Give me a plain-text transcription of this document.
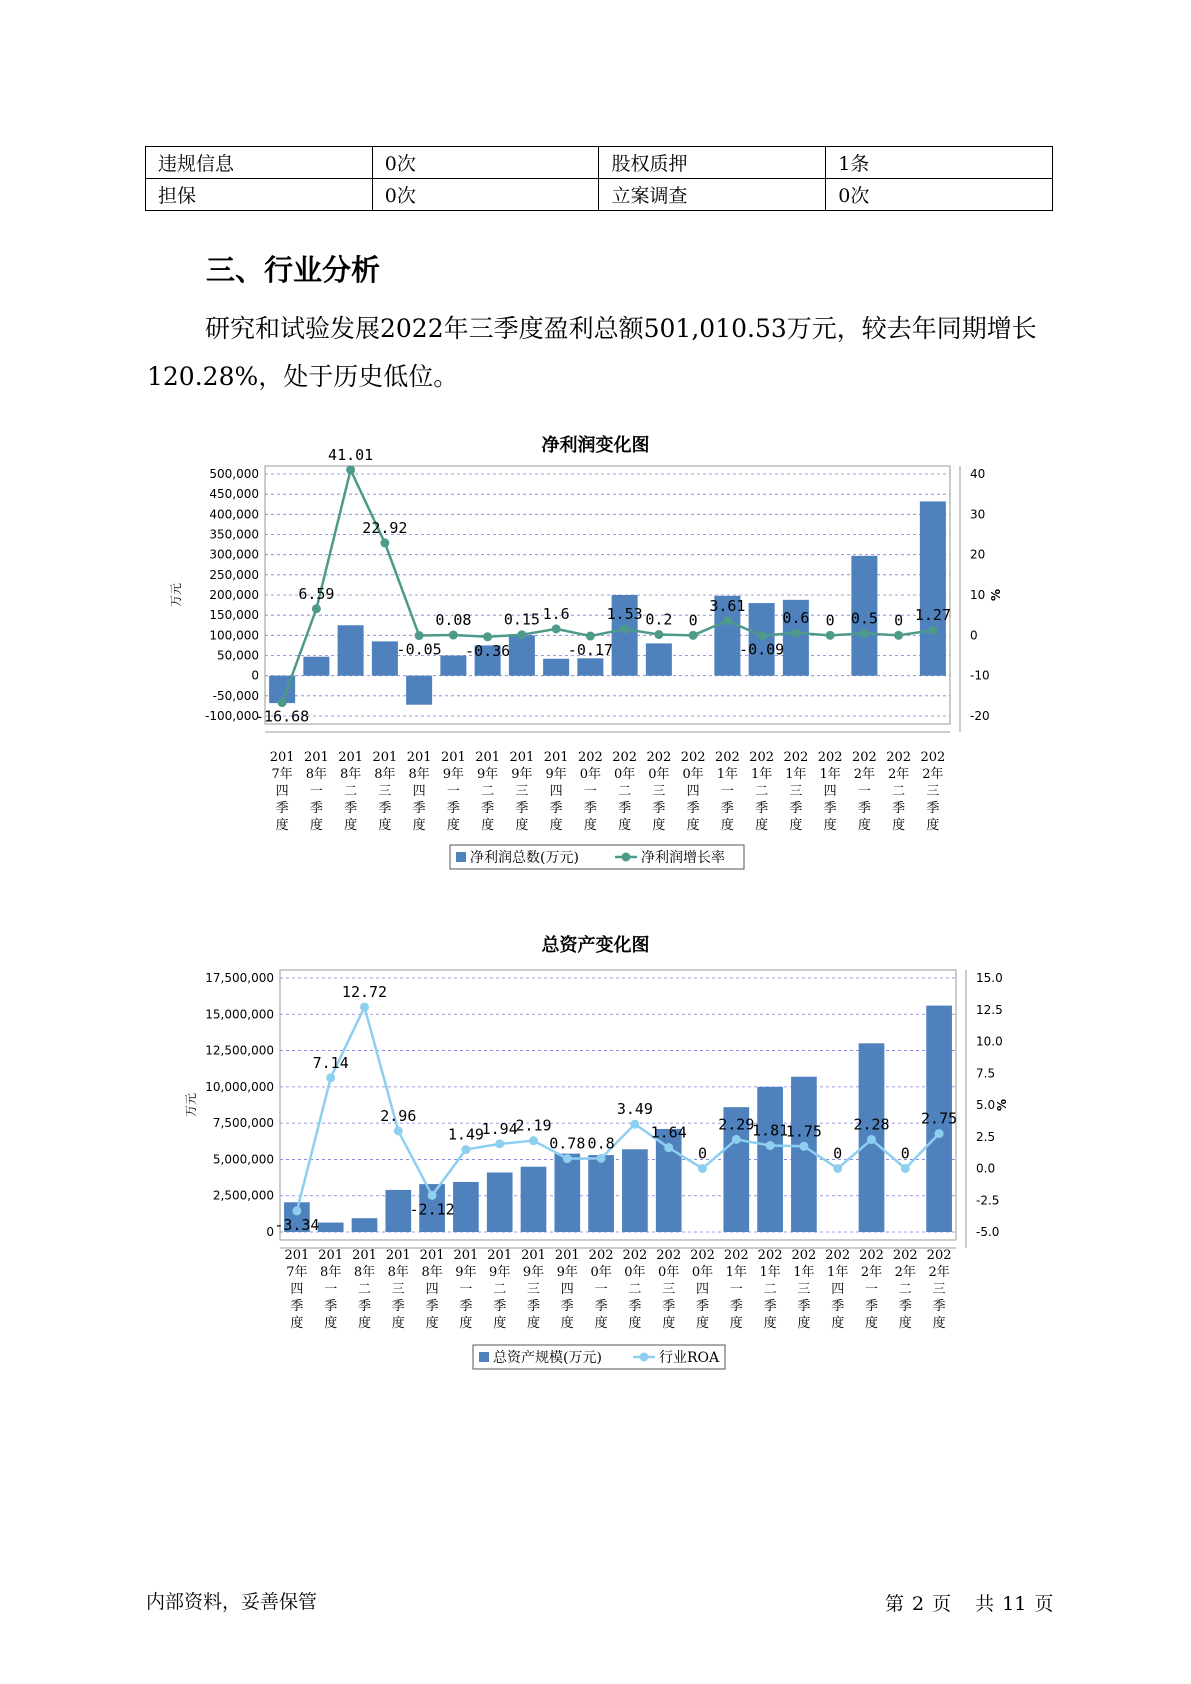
违规信息	0次	股权质押	1条
担保	0次	立案调查	0次
三、行业分析

研究和试验发展2022年三季度盈利总额501,010.53万元，较去年同期增长120.28%，处于历史低位。

净利润变化图
500,000
450,000
400,000
350,000
300,000
250,000
200,000
150,000
100,000
50,000
0
-50,000
-100,000
40
30
20
10
0
-10
-20
万元	%
-16.68
6.59
41.01
22.92
-0.05
0.08
-0.36
0.15 1.6
-0.17
1.53 0.2 0
3.61
-0.09
0.6 0 0.5 0 1.27
201 7年四季度
201 8年一季度
201 8年二季度
201 8年三季度
201 8年四季度
201 9年一季度
201 9年二季度
201 9年三季度
201 9年四季度
202 0年一季度
202 0年二季度
202 0年三季度
202 0年四季度
202 1年一季度
202 1年二季度
202 1年三季度
202 1年四季度
202 2年一季度
202 2年二季度
202 2年三季度
净利润总数(万元)	净利润增长率
总资产变化图
17,500,000
15,000,000
12,500,000
10,000,000
7,500,000
5,000,000
2,500,000
0
15.0
12.5
10.0
7.5
5.0
2.5
0.0
-2.5
-5.0
万元	%
-3.34
7.14
12.72
2.96
-2.12
1.49
1.94
2.19
0.78 0.8
3.49
1.64
0
2.29
1.81
1.75
0
2.28
0
2.75
201 7年四季度
201 8年一季度
201 8年二季度
201 8年三季度
201 8年四季度
201 9年一季度
201 9年二季度
201 9年三季度
201 9年四季度
202 0年一季度
202 0年二季度
202 0年三季度
202 0年四季度
202 1年一季度
202 1年二季度
202 1年三季度
202 1年四季度
202 2年一季度
202 2年二季度
202 2年三季度
总资产规模(万元)	行业ROA
内部资料，妥善保管	第 2 页 共 11 页
